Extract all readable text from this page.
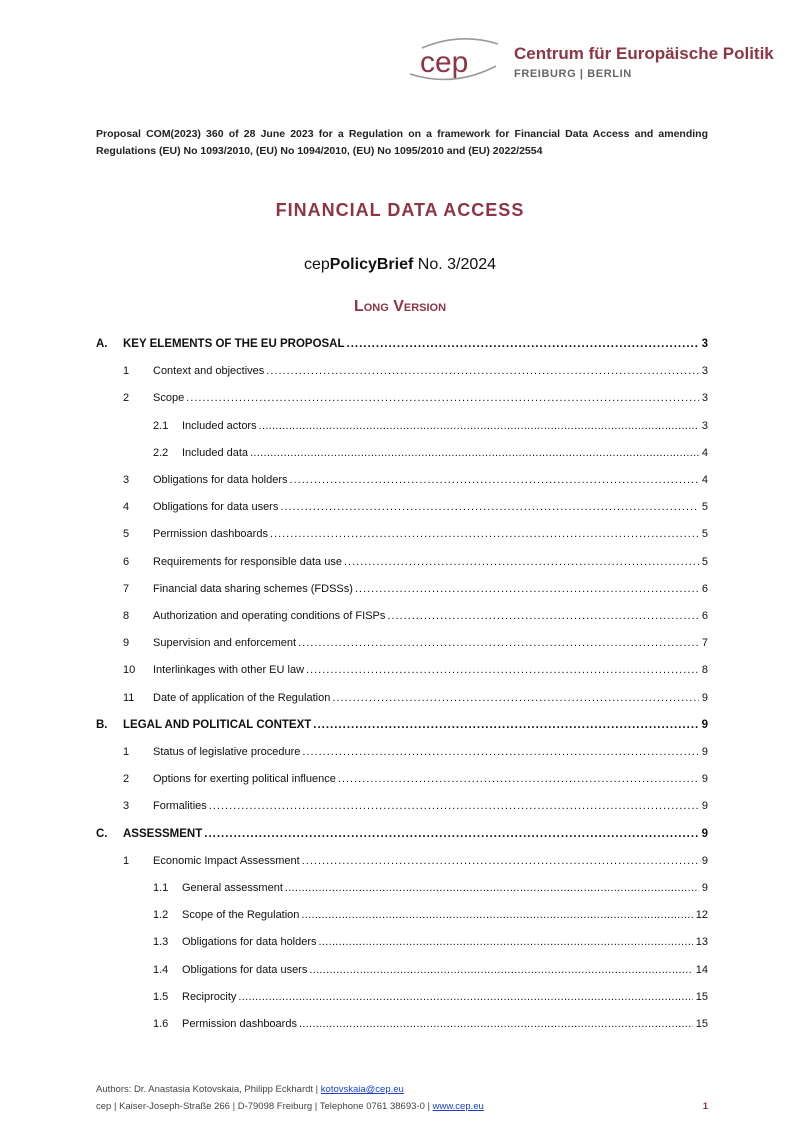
cep	Centrum für Europäische Politik
FREIBURG | BERLIN
Proposal COM(2023) 360 of 28 June 2023 for a Regulation on a framework for Financial Data Access and amending Regulations (EU) No 1093/2010, (EU) No 1094/2010, (EU) No 1095/2010 and (EU) 2022/2554
FINANCIAL DATA ACCESS
cepPolicyBrief No. 3/2024
Long Version
A.	KEY ELEMENTS OF THE EU PROPOSAL .....	3
1	Context and objectives .....	3
2	Scope .....	3
2.1	Included actors .....	3
2.2	Included data .....	4
3	Obligations for data holders .....	4
4	Obligations for data users .....	5
5	Permission dashboards .....	5
6	Requirements for responsible data use .....	5
7	Financial data sharing schemes (FDSSs) .....	6
8	Authorization and operating conditions of FISPs .....	6
9	Supervision and enforcement .....	7
10	Interlinkages with other EU law .....	8
11	Date of application of the Regulation .....	9
B.	LEGAL AND POLITICAL CONTEXT .....	9
1	Status of legislative procedure .....	9
2	Options for exerting political influence .....	9
3	Formalities .....	9
C.	ASSESSMENT .....	9
1	Economic Impact Assessment .....	9
1.1	General assessment .....	9
1.2	Scope of the Regulation .....	12
1.3	Obligations for data holders .....	13
1.4	Obligations for data users .....	14
1.5	Reciprocity .....	15
1.6	Permission dashboards .....	15
Authors: Dr. Anastasia Kotovskaia, Philipp Eckhardt | kotovskaia@cep.eu
cep | Kaiser-Joseph-Straße 266 | D-79098 Freiburg | Telephone 0761 38693-0 | www.cep.eu	1
